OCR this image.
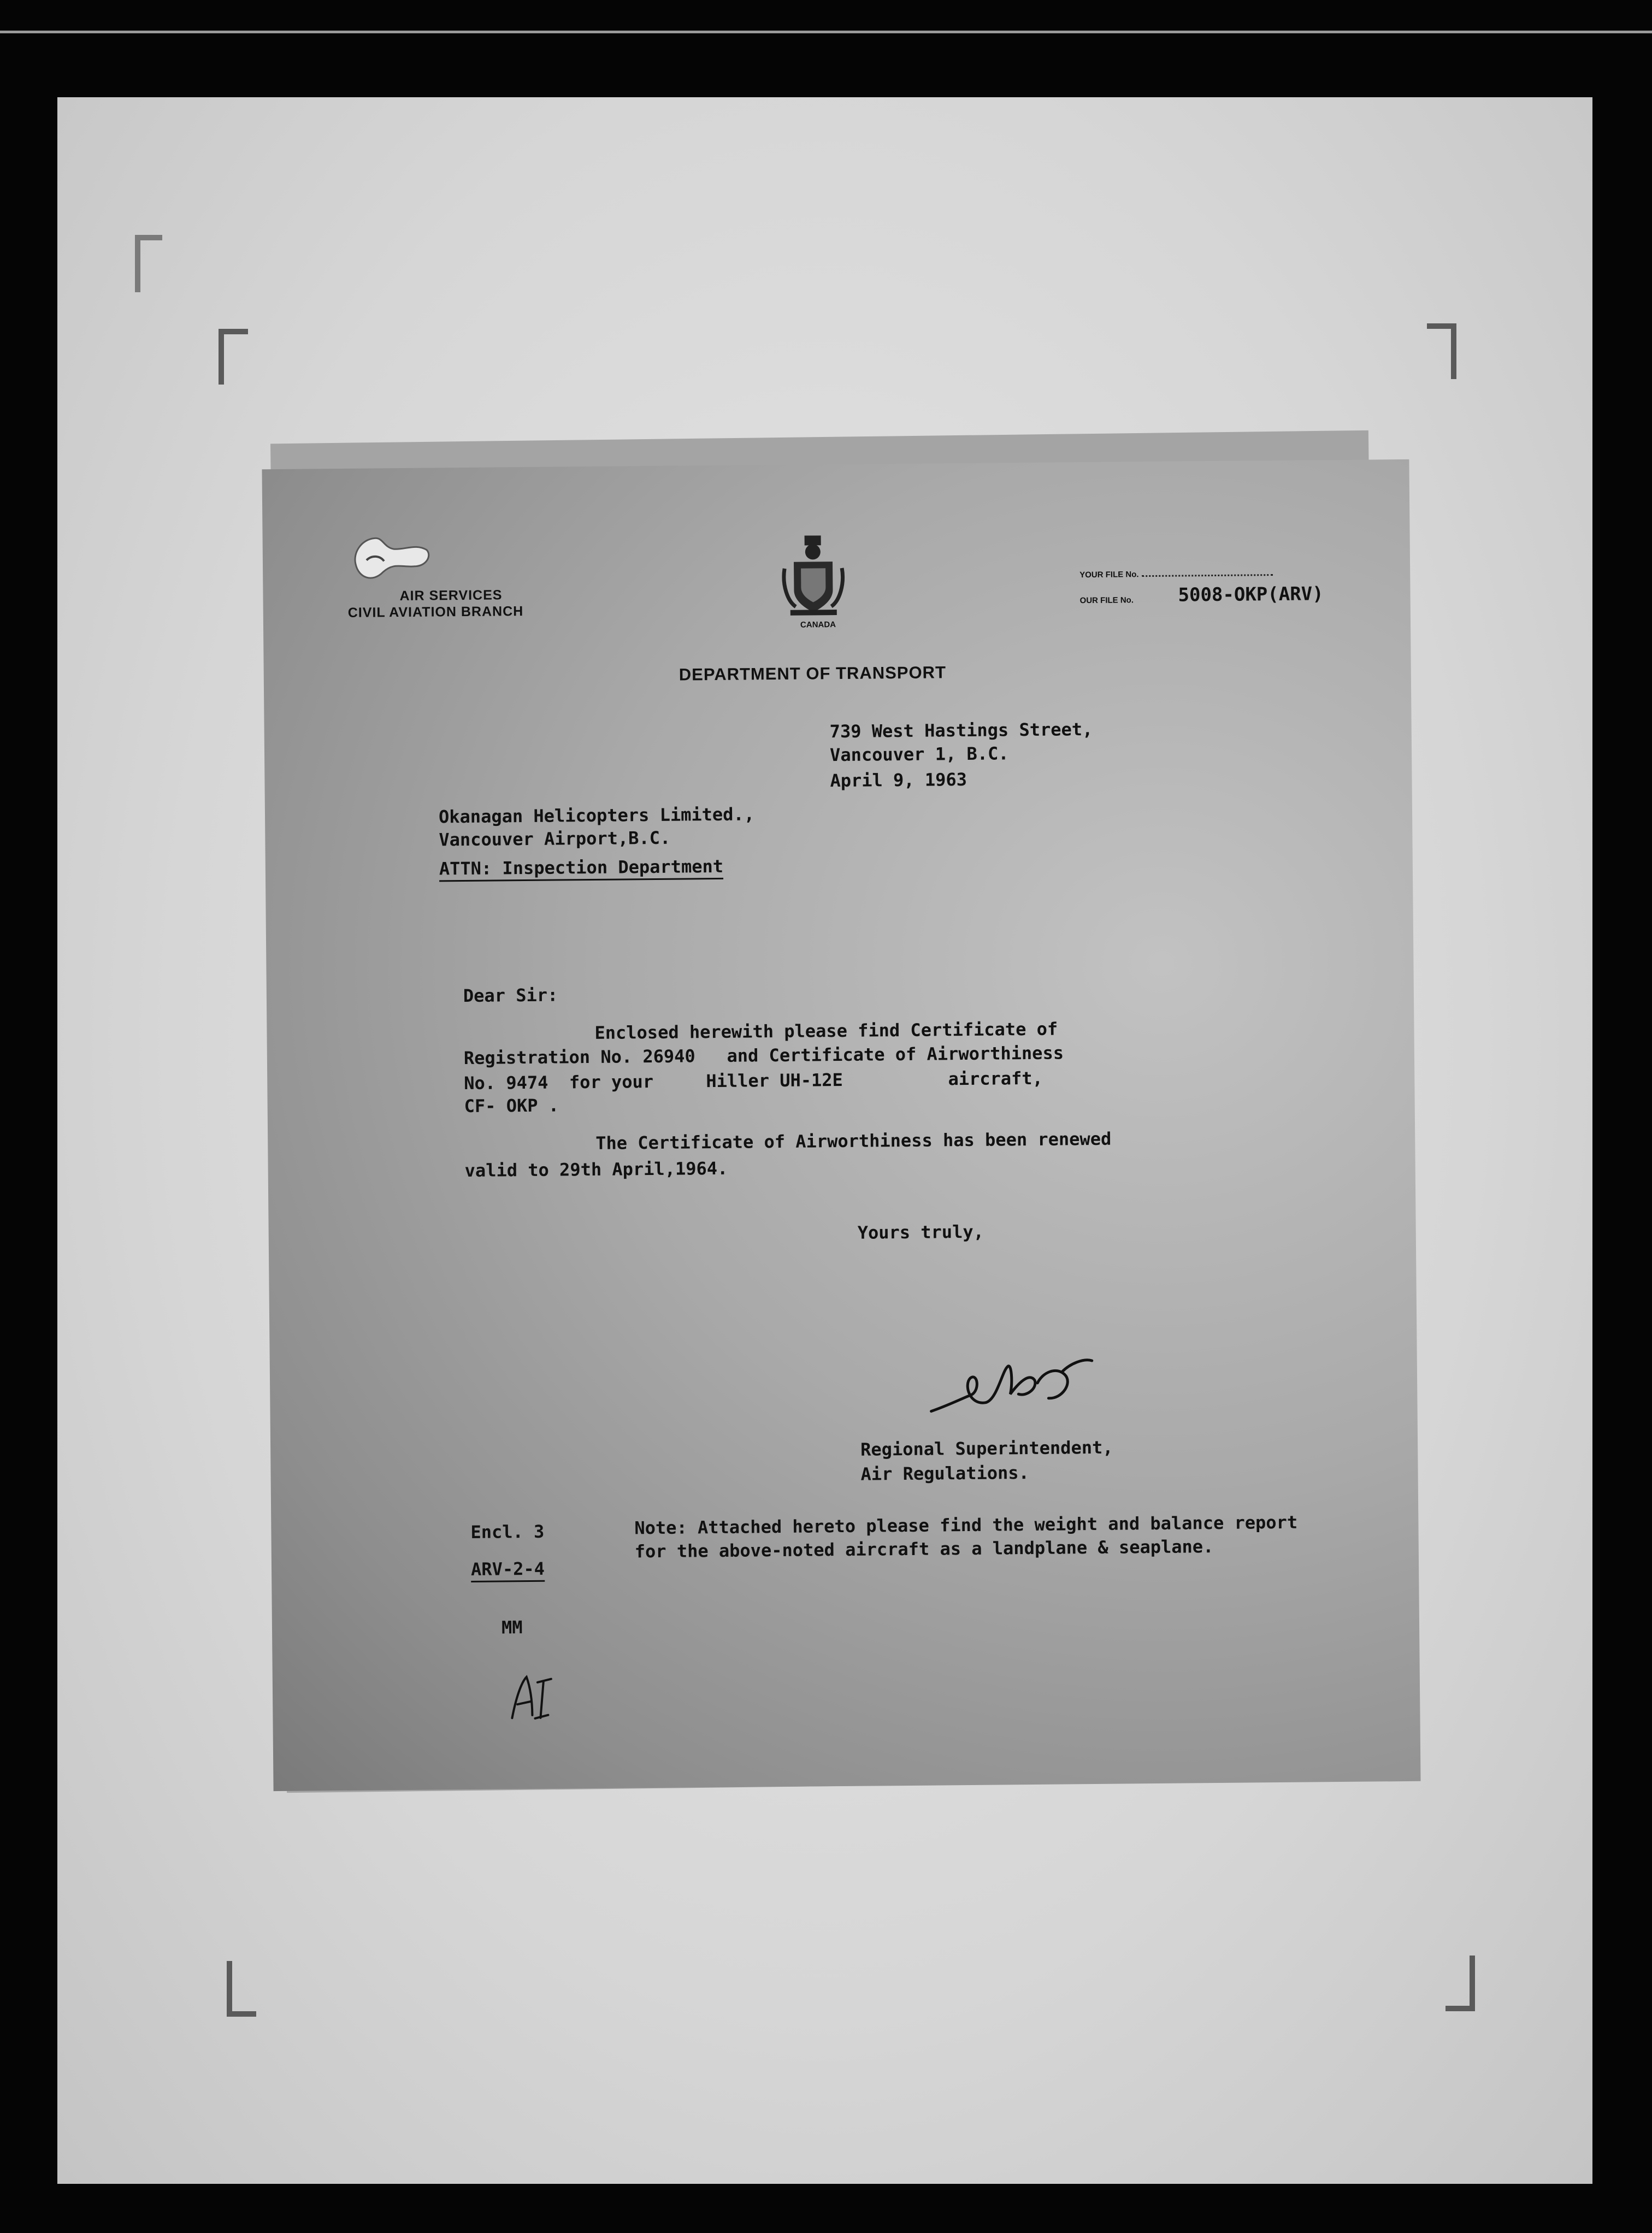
AIR SERVICES
CIVIL AVIATION BRANCH
CANADA
YOUR FILE No.
OUR FILE No. 5008-OKP(ARV)
DEPARTMENT OF TRANSPORT
739 West Hastings Street,
Vancouver 1, B.C.
April 9, 1963
Okanagan Helicopters Limited.,
Vancouver Airport,B.C.
ATTN: Inspection Department
Dear Sir:
Enclosed herewith please find Certificate of
Registration No. 26940   and Certificate of Airworthiness
No. 9474  for your     Hiller UH-12E          aircraft,
CF- OKP .
The Certificate of Airworthiness has been renewed
valid to 29th April,1964.
Yours truly,
Regional Superintendent,
Air Regulations.
Encl. 3	Note: Attached hereto please find the weight and balance report
for the above-noted aircraft as a landplane & seaplane.
ARV-2-4
MM
